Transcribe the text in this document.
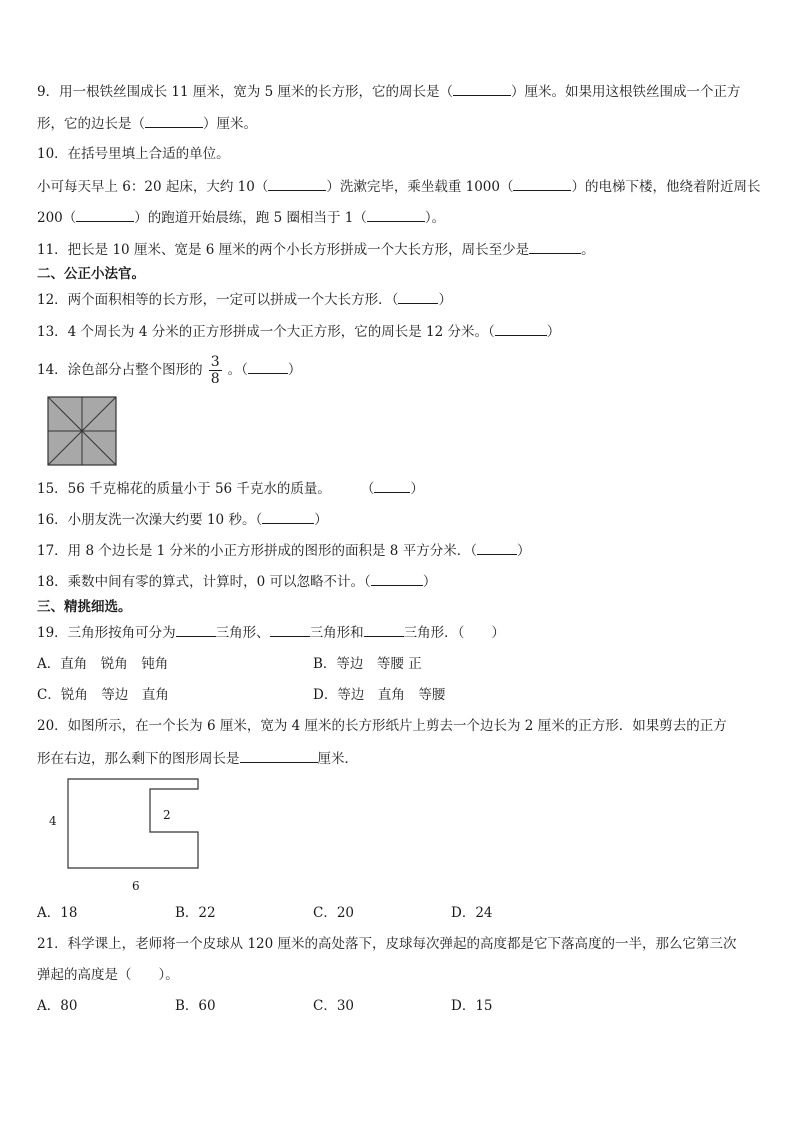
9．用一根铁丝围成长 11 厘米，宽为 5 厘米的长方形，它的周长是（	）厘米。如果用这根铁丝围成一个正方
形，它的边长是（	）厘米。
10．在括号里填上合适的单位。
小可每天早上 6：20 起床，大约 10（	）洗漱完毕，乘坐载重 1000（	）的电梯下楼，他绕着附近周长
200（	）的跑道开始晨练，跑 5 圈相当于 1（	）。
11．把长是 10 厘米、宽是 6 厘米的两个小长方形拼成一个大长方形，周长至少是	。
二、公正小法官。
12．两个面积相等的长方形，一定可以拼成一个大长方形．（	）
13．4 个周长为 4 分米的正方形拼成一个大正方形，它的周长是 12 分米。（	）
14．涂色部分占整个图形的 $\frac{3}{8}$ 。（	）
15．56 千克棉花的质量小于 56 千克水的质量。 （	）
16．小朋友洗一次澡大约要 10 秒。（	）
17．用 8 个边长是 1 分米的小正方形拼成的图形的面积是 8 平方分米．（	）
18．乘数中间有零的算式，计算时，0 可以忽略不计。（	）
三、精挑细选。
19．三角形按角可分为	三角形、	三角形和	三角形．（　　）
A．直角　锐角　钝角	B．等边　等腰 正
C．锐角　等边　直角	D．等边　直角　等腰
20．如图所示，在一个长为 6 厘米，宽为 4 厘米的长方形纸片上剪去一个边长为 2 厘米的正方形．如果剪去的正方
形在右边，那么剩下的图形周长是	厘米．
4	2
6
A．18	B．22	C．20	D．24
21．科学课上，老师将一个皮球从 120 厘米的高处落下，皮球每次弹起的高度都是它下落高度的一半，那么它第三次
弹起的高度是（　　）。
A．80	B．60	C．30	D．15
